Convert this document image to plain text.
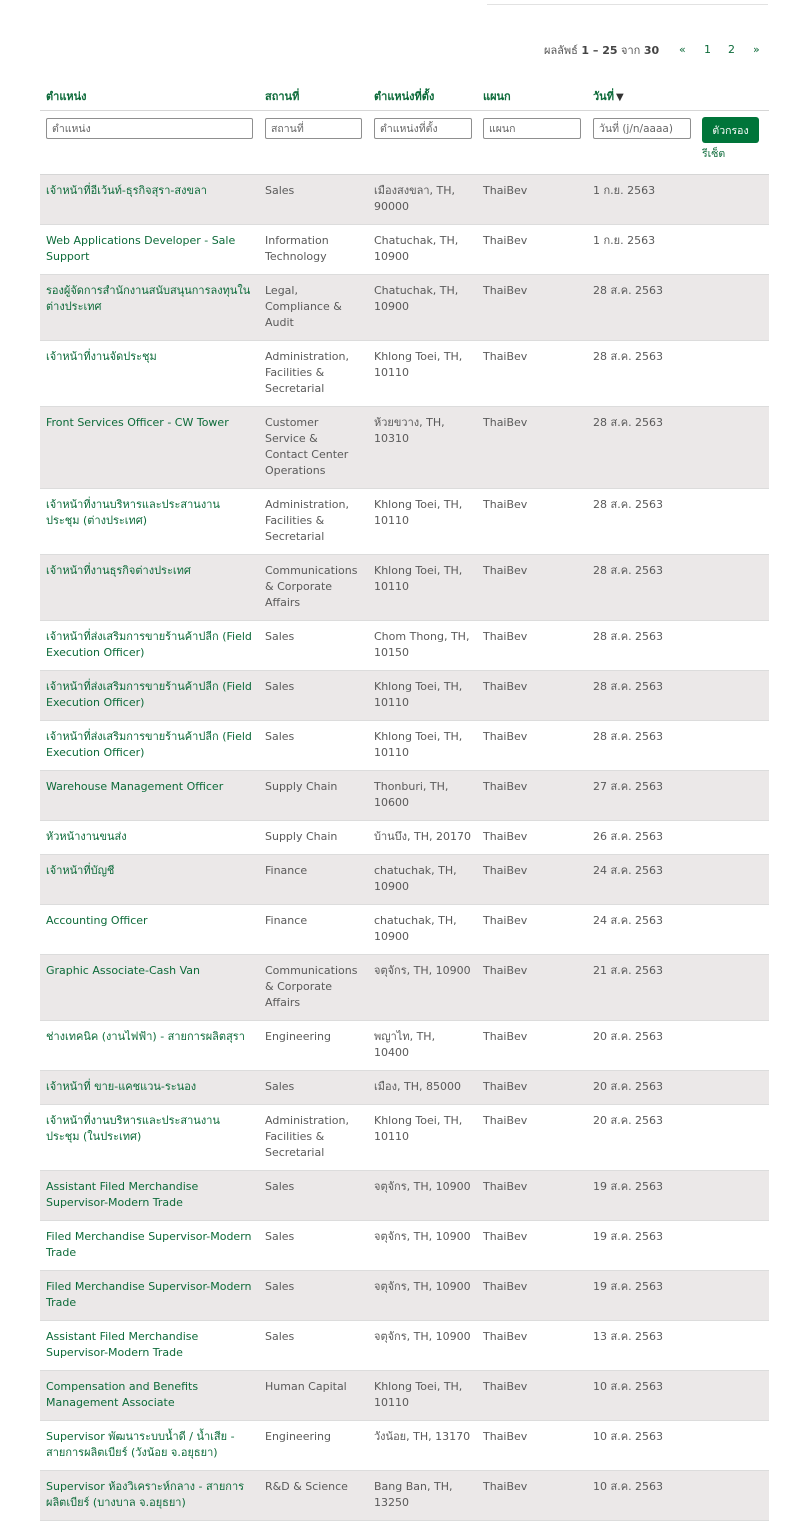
ผลลัพธ์ 1 – 25 จาก 30 « 1 2 »
ตำแหน่ง	สถานที่	ตำแหน่งที่ตั้ง	แผนก	วันที่ ▼	

ตำแหน่ง	
สถานที่	
ตำแหน่งที่ตั้ง	
แผนก	
วันที่ (j/n/aaaa)	
ตัวกรอง
รีเซ็ต

เจ้าหน้าที่อีเว้นท์-ธุรกิจสุรา-สงขลา	Sales	เมืองสงขลา, TH, 90000	ThaiBev	1 ก.ย. 2563	
Web Applications Developer - Sale Support	Information Technology	Chatuchak, TH, 10900	ThaiBev	1 ก.ย. 2563	
รองผู้จัดการสำนักงานสนับสนุนการลงทุนในต่างประเทศ	Legal, Compliance & Audit	Chatuchak, TH, 10900	ThaiBev	28 ส.ค. 2563	
เจ้าหน้าที่งานจัดประชุม	Administration, Facilities & Secretarial	Khlong Toei, TH, 10110	ThaiBev	28 ส.ค. 2563	
Front Services Officer - CW Tower	Customer Service & Contact Center Operations	ห้วยขวาง, TH, 10310	ThaiBev	28 ส.ค. 2563	
เจ้าหน้าที่งานบริหารและประสานงานประชุม (ต่างประเทศ)	Administration, Facilities & Secretarial	Khlong Toei, TH, 10110	ThaiBev	28 ส.ค. 2563	
เจ้าหน้าที่งานธุรกิจต่างประเทศ	Communications & Corporate Affairs	Khlong Toei, TH, 10110	ThaiBev	28 ส.ค. 2563	
เจ้าหน้าที่ส่งเสริมการขายร้านค้าปลีก (Field Execution Officer)	Sales	Chom Thong, TH, 10150	ThaiBev	28 ส.ค. 2563	
เจ้าหน้าที่ส่งเสริมการขายร้านค้าปลีก (Field Execution Officer)	Sales	Khlong Toei, TH, 10110	ThaiBev	28 ส.ค. 2563	
เจ้าหน้าที่ส่งเสริมการขายร้านค้าปลีก (Field Execution Officer)	Sales	Khlong Toei, TH, 10110	ThaiBev	28 ส.ค. 2563	
Warehouse Management Officer	Supply Chain	Thonburi, TH, 10600	ThaiBev	27 ส.ค. 2563	
หัวหน้างานขนส่ง	Supply Chain	บ้านบึง, TH, 20170	ThaiBev	26 ส.ค. 2563	
เจ้าหน้าที่บัญชี	Finance	chatuchak, TH, 10900	ThaiBev	24 ส.ค. 2563	
Accounting Officer	Finance	chatuchak, TH, 10900	ThaiBev	24 ส.ค. 2563	
Graphic Associate-Cash Van	Communications & Corporate Affairs	จตุจักร, TH, 10900	ThaiBev	21 ส.ค. 2563	
ช่างเทคนิค (งานไฟฟ้า) - สายการผลิตสุรา	Engineering	พญาไท, TH, 10400	ThaiBev	20 ส.ค. 2563	
เจ้าหน้าที่ ขาย-แคชแวน-ระนอง	Sales	เมือง, TH, 85000	ThaiBev	20 ส.ค. 2563	
เจ้าหน้าที่งานบริหารและประสานงานประชุม (ในประเทศ)	Administration, Facilities & Secretarial	Khlong Toei, TH, 10110	ThaiBev	20 ส.ค. 2563	
Assistant Filed Merchandise Supervisor-Modern Trade	Sales	จตุจักร, TH, 10900	ThaiBev	19 ส.ค. 2563	
Filed Merchandise Supervisor-Modern Trade	Sales	จตุจักร, TH, 10900	ThaiBev	19 ส.ค. 2563	
Filed Merchandise Supervisor-Modern Trade	Sales	จตุจักร, TH, 10900	ThaiBev	19 ส.ค. 2563	
Assistant Filed Merchandise Supervisor-Modern Trade	Sales	จตุจักร, TH, 10900	ThaiBev	13 ส.ค. 2563	
Compensation and Benefits Management Associate	Human Capital	Khlong Toei, TH, 10110	ThaiBev	10 ส.ค. 2563	
Supervisor พัฒนาระบบน้ำดี / น้ำเสีย - สายการผลิตเบียร์ (วังน้อย จ.อยุธยา)	Engineering	วังน้อย, TH, 13170	ThaiBev	10 ส.ค. 2563	
Supervisor ห้องวิเคราะห์กลาง - สายการผลิตเบียร์ (บางบาล จ.อยุธยา)	R&D & Science	Bang Ban, TH, 13250	ThaiBev	10 ส.ค. 2563	
